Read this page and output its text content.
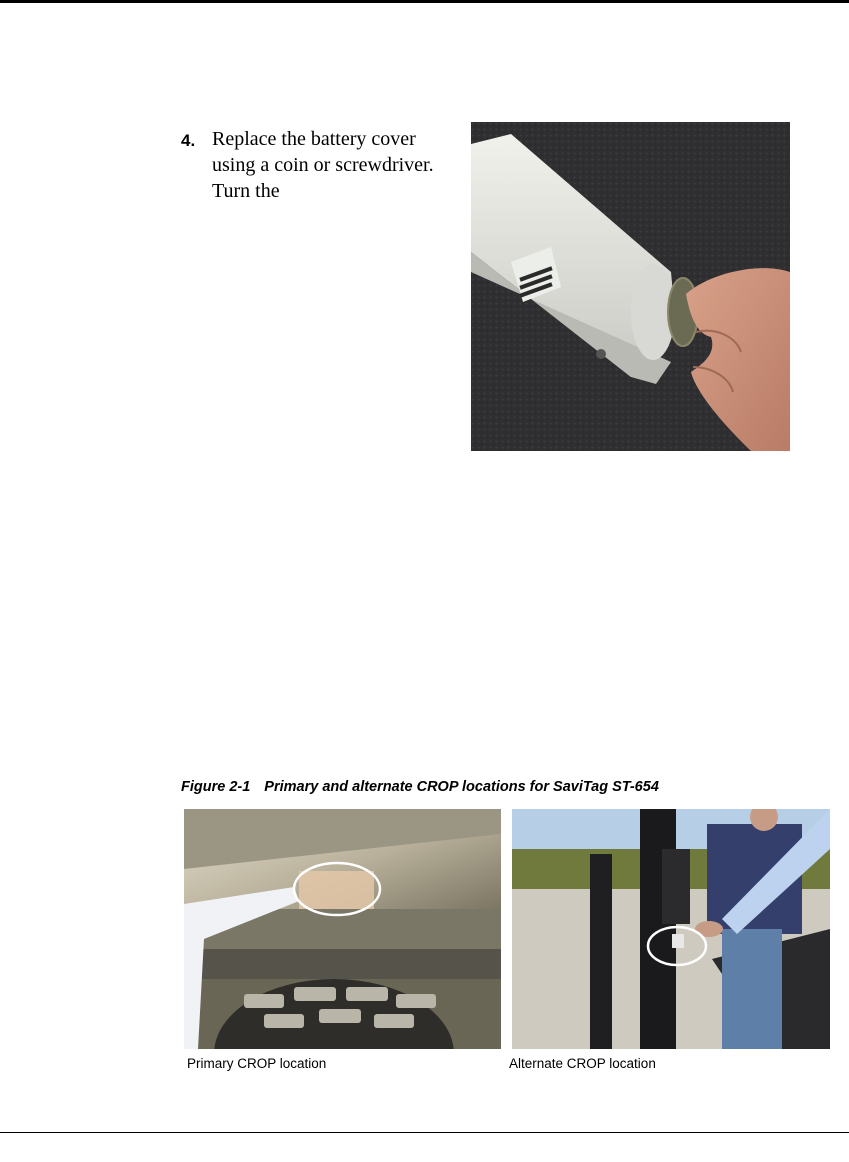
4. Replace the battery cover using a coin or screwdriver. Turn the
Figure 2-1 Primary and alternate CROP locations for SaviTag ST-654
Primary CROP location	Alternate CROP location
